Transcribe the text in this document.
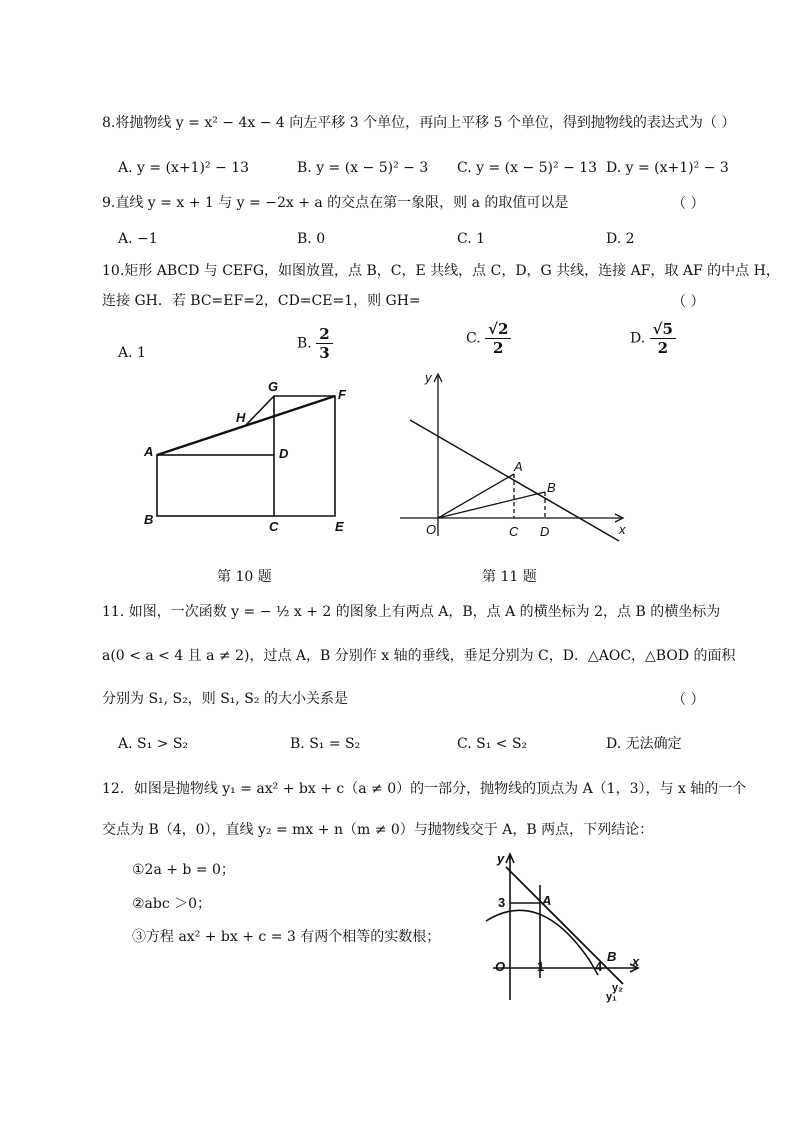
8.将抛物线 y = x² − 4x − 4 向左平移 3 个单位，再向上平移 5 个单位，得到抛物线的表达式为（ ）
A. y = (x+1)² − 13	B. y = (x − 5)² − 3 C. y = (x − 5)² − 13 D. y = (x+1)² − 3
9.直线 y = x + 1 与 y = −2x + a 的交点在第一象限，则 a 的取值可以是	（ ）
A. −1	B. 0	C. 1	D. 2
10.矩形 ABCD 与 CEFG，如图放置，点 B，C，E 共线，点 C，D，G 共线，连接 AF，取 AF 的中点 H，
连接 GH．若 BC=EF=2，CD=CE=1，则 GH=	（ ）
A. 1
B. $\frac{2}{3}$	C. $\frac{√2}{2}$	D. $\frac{√5}{2}$
A
B	C
D
E
F
G
H
第 10 题
y
x
O
A
B
C D
第 11 题
11. 如图，一次函数 y = − ½ x + 2 的图象上有两点 A，B，点 A 的横坐标为 2，点 B 的横坐标为
a(0 < a < 4 且 a ≠ 2)，过点 A，B 分别作 x 轴的垂线，垂足分别为 C，D．△AOC，△BOD 的面积
分别为 S₁, S₂，则 S₁, S₂ 的大小关系是	（ ）
A. S₁ > S₂	B. S₁ = S₂	C. S₁ < S₂	D. 无法确定
12．如图是抛物线 y₁ = ax² + bx + c（a ≠ 0）的一部分，抛物线的顶点为 A（1，3），与 x 轴的一个
交点为 B（4，0），直线 y₂ = mx + n（m ≠ 0）与抛物线交于 A，B 两点，下列结论：
①2a + b = 0；
②abc ＞0；
③方程 ax² + bx + c = 3 有两个相等的实数根；
y
x
O
A
B
3
1	4
y₂
y₁
